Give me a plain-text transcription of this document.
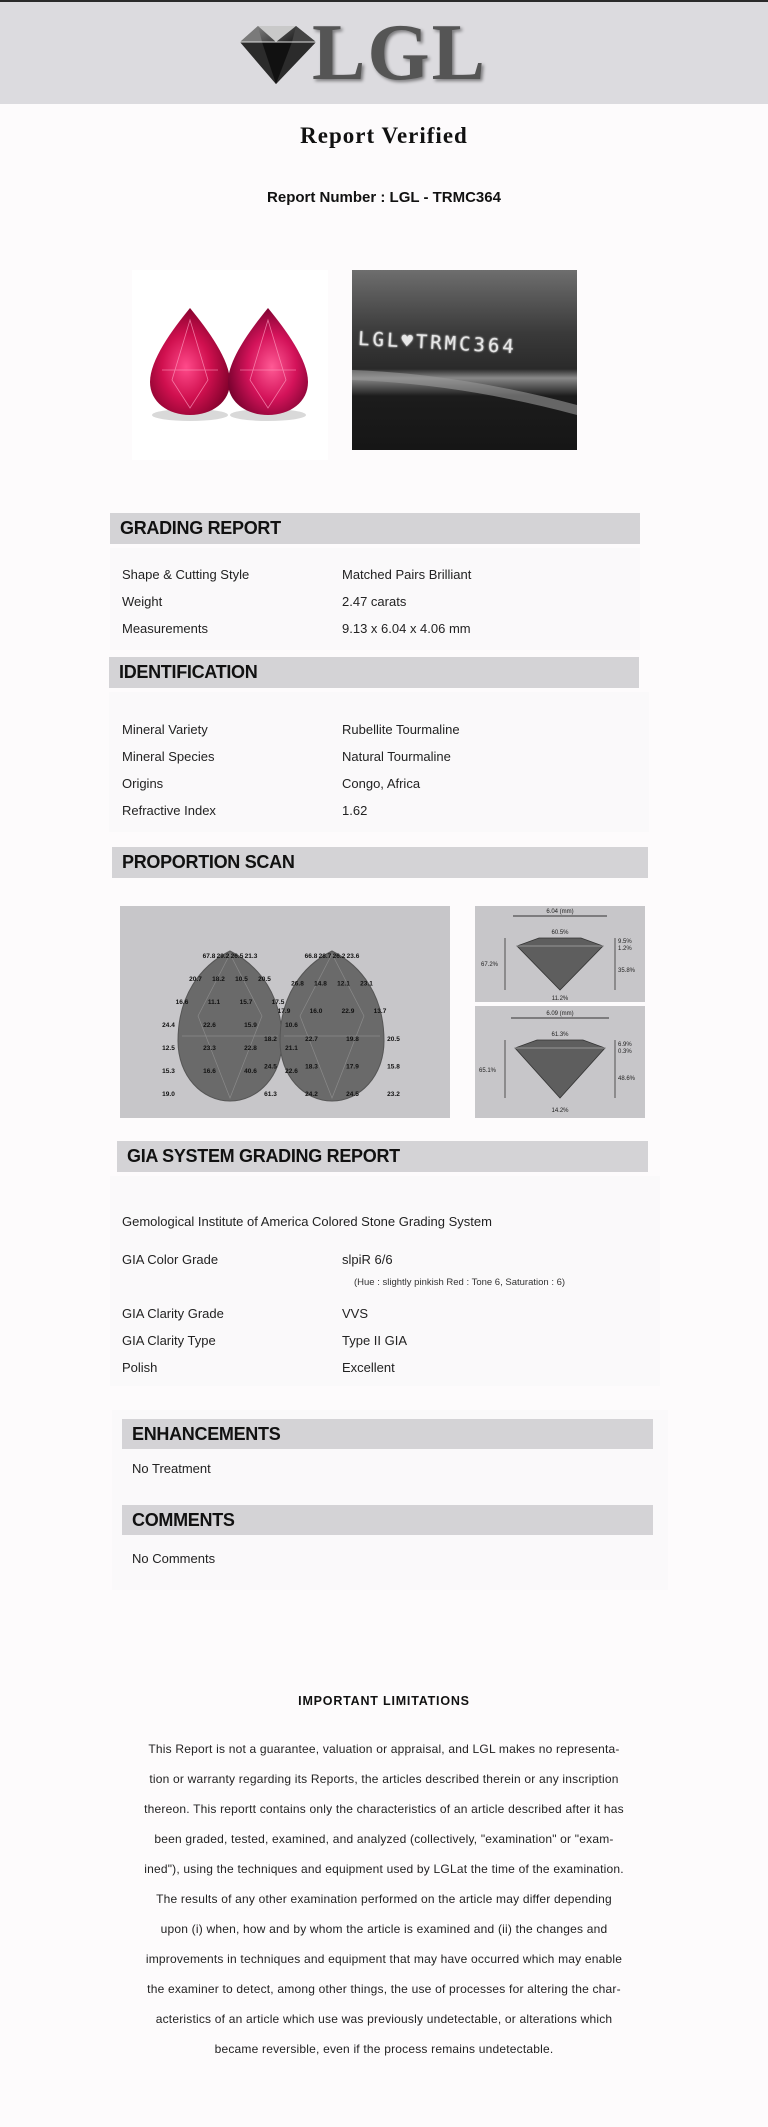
LGL
Report Verified
Report Number : LGL - TRMC364
LGL♥TRMC364
GRADING REPORT
Shape & Cutting Style	Matched Pairs Brilliant
Weight	2.47 carats
Measurements	9.13 x 6.04 x 4.06 mm
IDENTIFICATION
Mineral Variety	Rubellite Tourmaline
Mineral Species	Natural Tourmaline
Origins	Congo, Africa
Refractive Index	1.62
PROPORTION SCAN
67.8 29.2 26.5 21.3
20.7 18.2 10.5 20.5
16.6	11.1	15.7	17.5
24.4	22.6	15.9	10.6
12.5	23.3	22.8	21.1
15.3	16.6	40.6	22.6
19.0
66.8 28.7 26.2 23.6
26.8 14.8 12.1 23.1
17.9	16.0	22.9	13.7
18.2	22.7	19.8	20.5
24.5	18.3	17.9	15.8
61.3	24.2	24.5	23.2
6.04 (mm)
60.5%
67.2%
9.5%
1.2%
35.8%
11.2%
6.09 (mm)
61.3%
65.1%
6.9%
0.3%
48.6%
14.2%
GIA SYSTEM GRADING REPORT
Gemological Institute of America Colored Stone Grading System
GIA Color Grade	slpiR 6/6
(Hue : slightly pinkish Red : Tone 6, Saturation : 6)
GIA Clarity Grade	VVS
GIA Clarity Type	Type II GIA
Polish	Excellent
ENHANCEMENTS
No Treatment
COMMENTS
No Comments
IMPORTANT LIMITATIONS
This Report is not a guarantee, valuation or appraisal, and LGL makes no representa-
tion or warranty regarding its Reports, the articles described therein or any inscription
thereon. This reportt contains only the characteristics of an article described after it has
been graded, tested, examined, and analyzed (collectively, "examination" or "exam-
ined"), using the techniques and equipment used by LGLat the time of the examination.
The results of any other examination performed on the article may differ depending
upon (i) when, how and by whom the article is examined and (ii) the changes and
improvements in techniques and equipment that may have occurred which may enable
the examiner to detect, among other things, the use of processes for altering the char-
acteristics of an article which use was previously undetectable, or alterations which
became reversible, even if the process remains undetectable.
